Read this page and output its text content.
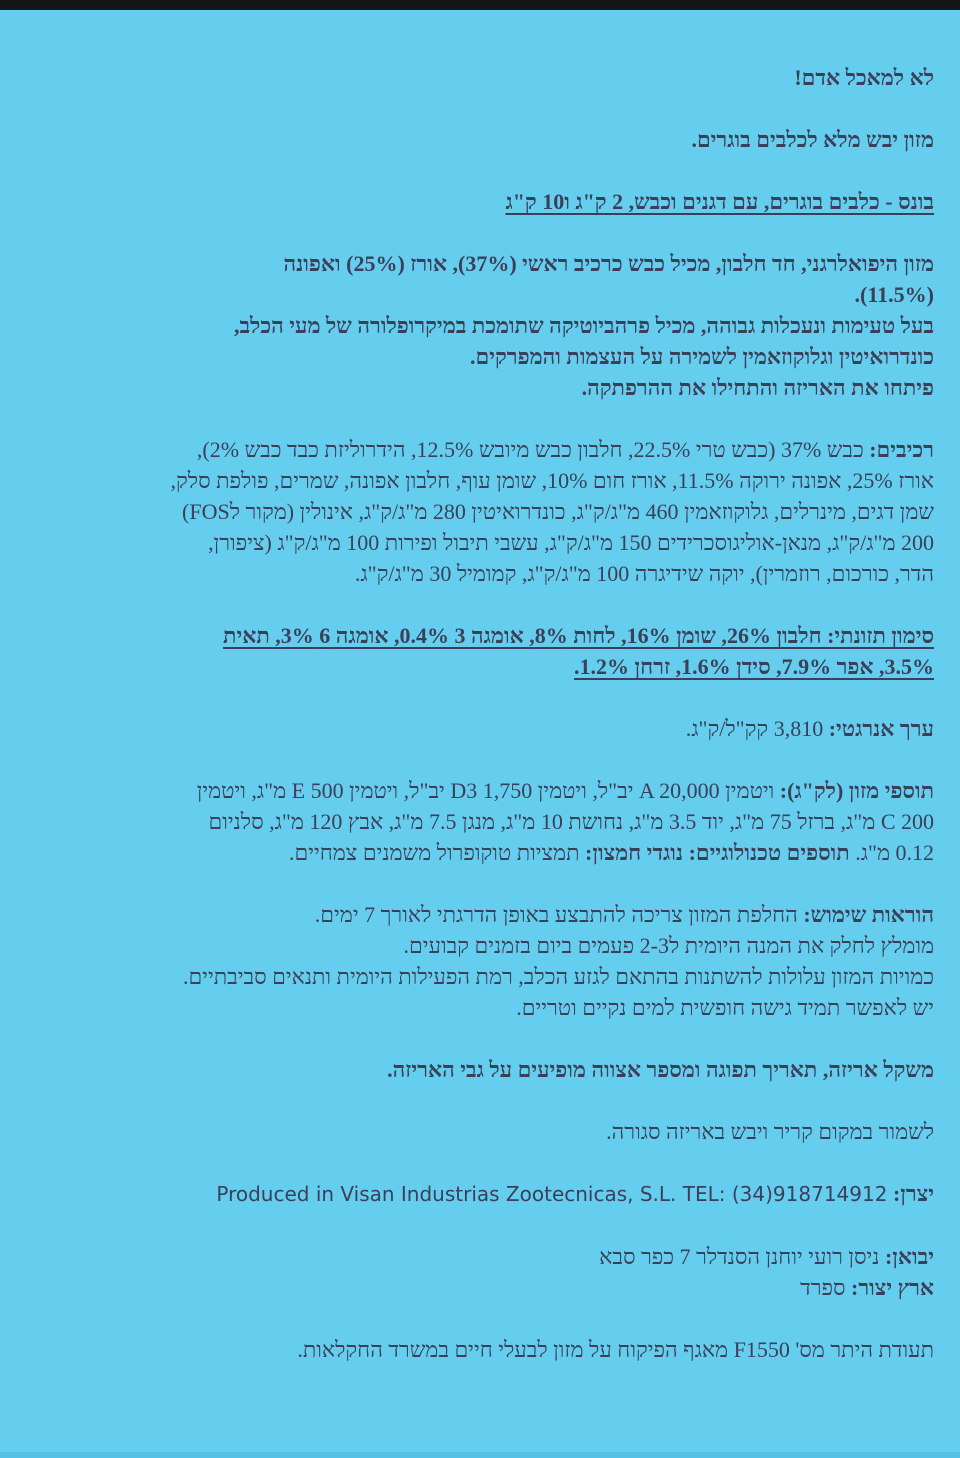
לא למאכל אדם!

מזון יבש מלא לכלבים בוגרים.

בונס - כלבים בוגרים, עם דגנים וכבש, 2 ק"ג ו10 ק"ג

מזון היפואלרגני, חד חלבון, מכיל כבש כרכיב ראשי (37%), אורז (25%) ואפונה

(11.5%).

בעל טעימות ונעכלות גבוהה, מכיל פרהביוטיקה שתומכת במיקרופלורה של מעי הכלב,

כונדרואיטין וגלוקוזאמין לשמירה על העצמות והמפרקים.

פיתחו את האריזה והתחילו את ההרפתקה.

רכיבים: כבש 37% (כבש טרי 22.5%, חלבון כבש מיובש 12.5%, הידרוליזת כבד כבש 2%),

אורז 25%, אפונה ירוקה 11.5%, אורז חום 10%, שומן עוף, חלבון אפונה, שמרים, פולפת סלק,

שמן דגים, מינרלים, גלוקוזאמין 460 מ"ג/ק"ג, כונדרואיטין 280 מ"ג/ק"ג, אינולין (מקור לFOS)

200 מ"ג/ק"ג, מנאן-אוליגוסכרידים 150 מ"ג/ק"ג, עשבי תיבול ופירות 100 מ"ג/ק"ג (ציפורן,

הדר, כורכום, רוזמרין), יוקה שידיגרה 100 מ"ג/ק"ג, קמומיל 30 מ"ג/ק"ג.

סימון תזונתי: חלבון 26%, שומן 16%, לחות 8%, אומגה 3 0.4%, אומגה 6 3%, תאית

3.5%, אפר 7.9%, סידן 1.6%, זרחן 1.2%.

ערך אנרגטי: 3,810 קק"ל/ק"ג.

תוספי מזון (לק"ג): ויטמין A 20,000 יב"ל, ויטמין D3 1,750 יב"ל, ויטמין E 500 מ"ג, ויטמין

C 200 מ"ג, ברזל 75 מ"ג, יוד 3.5 מ"ג, נחושת 10 מ"ג, מנגן 7.5 מ"ג, אבץ 120 מ"ג, סלניום

0.12 מ"ג. תוספים טכנולוגיים: נוגדי חמצון: תמציות טוקופרול משמנים צמחיים.

הוראות שימוש: החלפת המזון צריכה להתבצע באופן הדרגתי לאורך 7 ימים.

מומלץ לחלק את המנה היומית ל2-3 פעמים ביום בזמנים קבועים.

כמויות המזון עלולות להשתנות בהתאם לגזע הכלב, רמת הפעילות היומית ותנאים סביבתיים.

יש לאפשר תמיד גישה חופשית למים נקיים וטריים.

משקל אריזה, תאריך תפוגה ומספר אצווה מופיעים על גבי האריזה.

לשמור במקום קריר ויבש באריזה סגורה.

יצרן: Produced in Visan Industrias Zootecnicas, S.L. TEL: (34)918714912

יבואן: ניסן רועי יוחנן הסנדלר 7 כפר סבא

ארץ יצור: ספרד

תעודת היתר מס' F1550 מאגף הפיקוח על מזון לבעלי חיים במשרד החקלאות.
